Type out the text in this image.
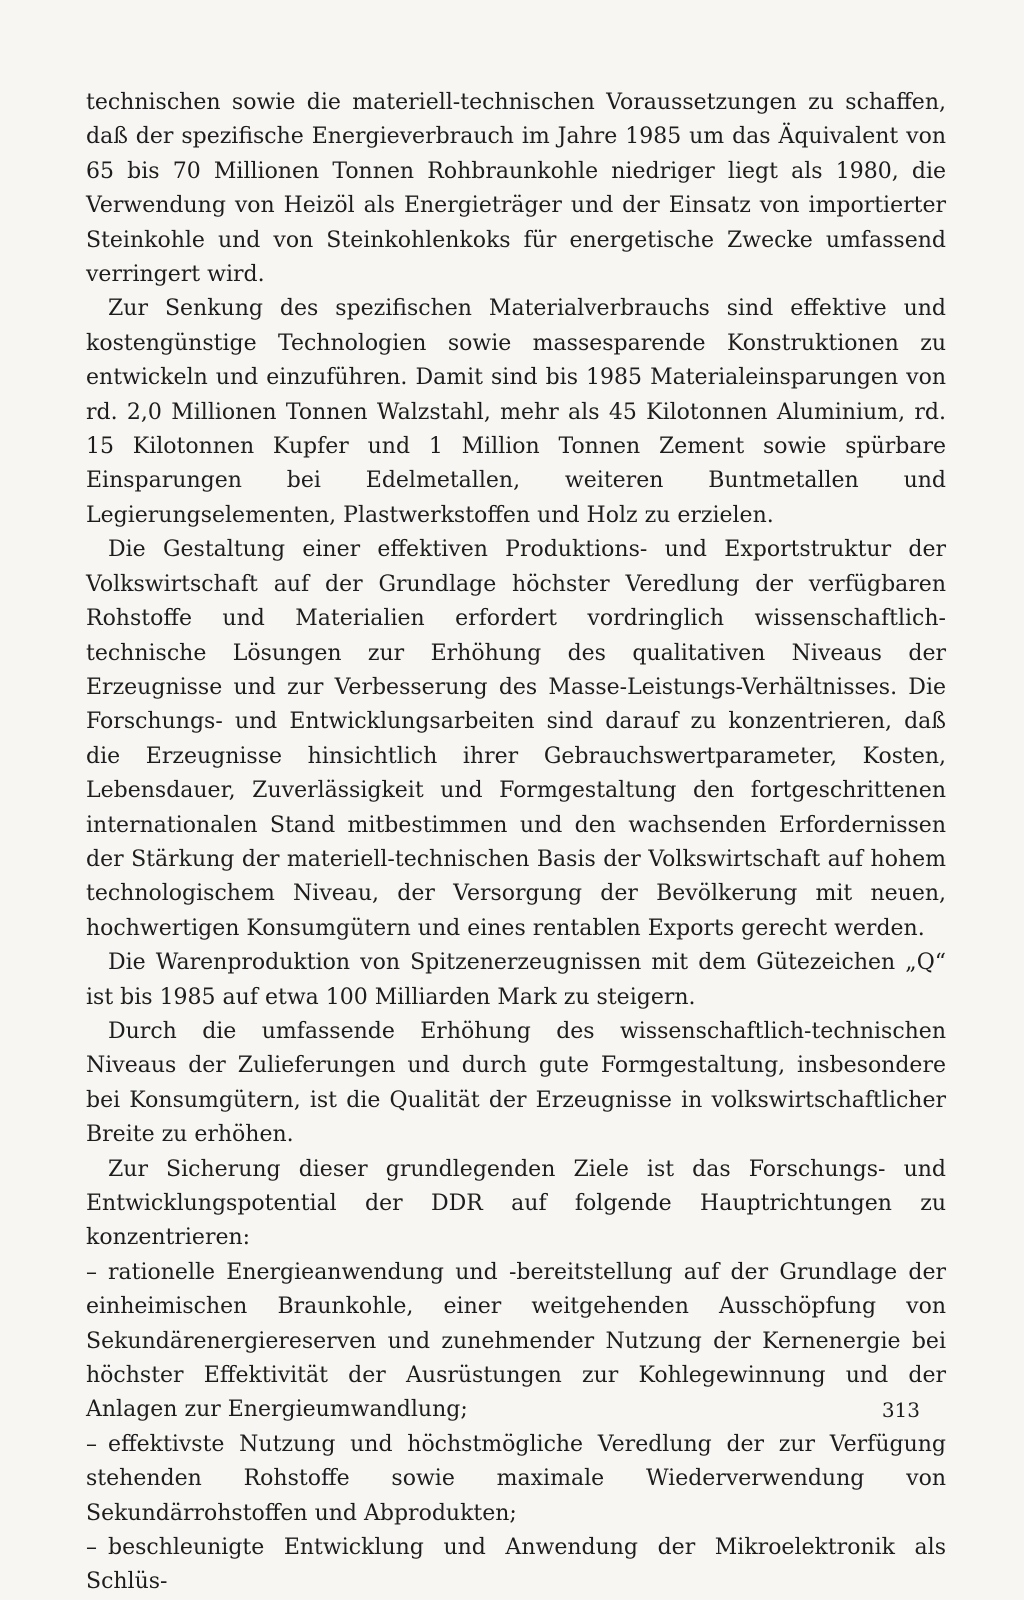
technischen sowie die materiell-technischen Voraussetzungen zu schaffen, daß der spezifische Energieverbrauch im Jahre 1985 um das Äquivalent von 65 bis 70 Millionen Tonnen Rohbraunkohle niedriger liegt als 1980, die Verwendung von Heizöl als Energieträger und der Einsatz von importierter Steinkohle und von Steinkohlenkoks für energetische Zwecke umfassend verringert wird.

Zur Senkung des spezifischen Materialverbrauchs sind effektive und kostengünstige Technologien sowie massesparende Konstruktionen zu entwickeln und einzuführen. Damit sind bis 1985 Materialeinsparungen von rd. 2,0 Millionen Tonnen Walzstahl, mehr als 45 Kilotonnen Aluminium, rd. 15 Kilotonnen Kupfer und 1 Million Tonnen Zement sowie spürbare Einsparungen bei Edelmetallen, weiteren Buntmetallen und Legierungselementen, Plastwerkstoffen und Holz zu erzielen.

Die Gestaltung einer effektiven Produktions- und Exportstruktur der Volkswirtschaft auf der Grundlage höchster Veredlung der verfügbaren Rohstoffe und Materialien erfordert vordringlich wissenschaftlich-technische Lösungen zur Erhöhung des qualitativen Niveaus der Erzeugnisse und zur Verbesserung des Masse-Leistungs-Verhältnisses. Die Forschungs- und Entwicklungsarbeiten sind darauf zu konzentrieren, daß die Erzeugnisse hinsichtlich ihrer Gebrauchswertparameter, Kosten, Lebensdauer, Zuverlässigkeit und Formgestaltung den fortgeschrittenen internationalen Stand mitbestimmen und den wachsenden Erfordernissen der Stärkung der materiell-technischen Basis der Volkswirtschaft auf hohem technologischem Niveau, der Versorgung der Bevölkerung mit neuen, hochwertigen Konsumgütern und eines rentablen Exports gerecht werden.

Die Warenproduktion von Spitzenerzeugnissen mit dem Gütezeichen „Q“ ist bis 1985 auf etwa 100 Milliarden Mark zu steigern.

Durch die umfassende Erhöhung des wissenschaftlich-technischen Niveaus der Zulieferungen und durch gute Formgestaltung, insbesondere bei Konsumgütern, ist die Qualität der Erzeugnisse in volkswirtschaftlicher Breite zu erhöhen.

Zur Sicherung dieser grundlegenden Ziele ist das Forschungs- und Entwicklungspotential der DDR auf folgende Hauptrichtungen zu konzentrieren:

– rationelle Energieanwendung und -bereitstellung auf der Grundlage der einheimischen Braunkohle, einer weitgehenden Ausschöpfung von Sekundärenergiereserven und zunehmender Nutzung der Kernenergie bei höchster Effektivität der Ausrüstungen zur Kohlegewinnung und der Anlagen zur Energieumwandlung;

– effektivste Nutzung und höchstmögliche Veredlung der zur Verfügung stehenden Rohstoffe sowie maximale Wiederverwendung von Sekundärrohstoffen und Abprodukten;

– beschleunigte Entwicklung und Anwendung der Mikroelektronik als Schlüs-

313
